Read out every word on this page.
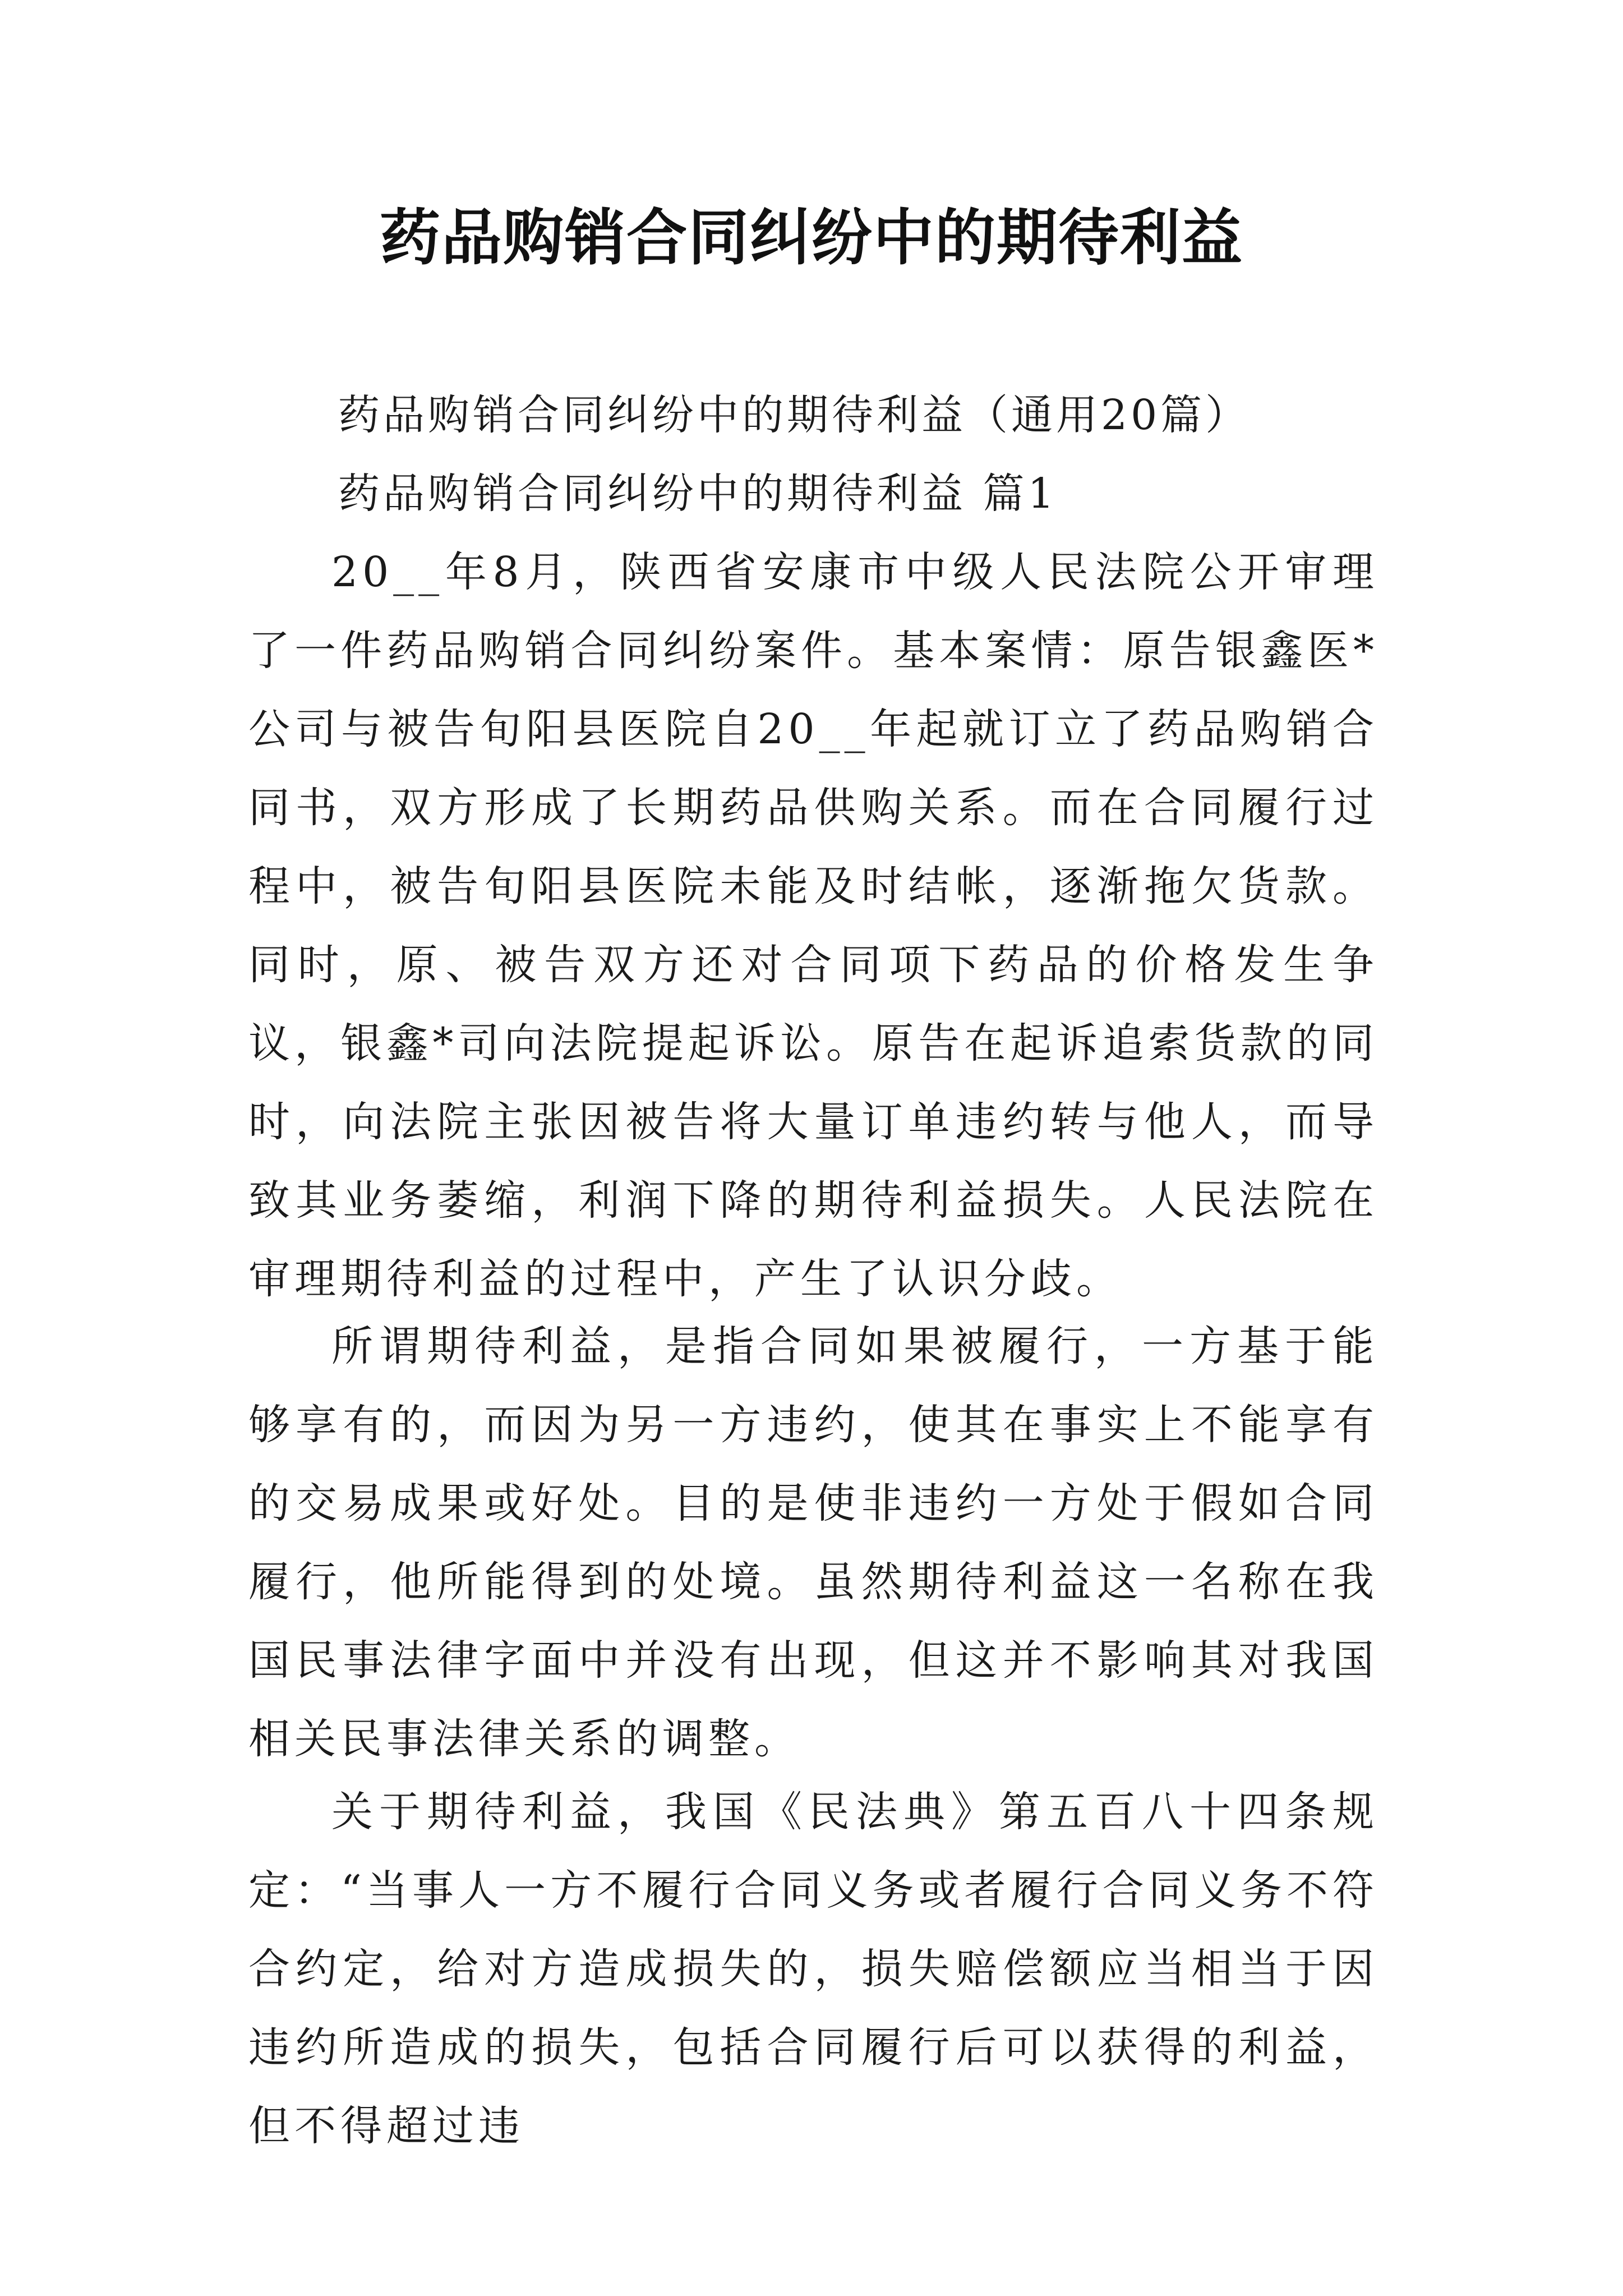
药品购销合同纠纷中的期待利益

药品购销合同纠纷中的期待利益（通用20篇）

药品购销合同纠纷中的期待利益 篇1

20__年8月，陕西省安康市中级人民法院公开审理了一件药品购销合同纠纷案件。基本案情：原告银鑫医*公司与被告旬阳县医院自20__年起就订立了药品购销合同书，双方形成了长期药品供购关系。而在合同履行过程中，被告旬阳县医院未能及时结帐，逐渐拖欠货款。同时，原、被告双方还对合同项下药品的价格发生争议，银鑫*司向法院提起诉讼。原告在起诉追索货款的同时，向法院主张因被告将大量订单违约转与他人，而导致其业务萎缩，利润下降的期待利益损失。人民法院在审理期待利益的过程中，产生了认识分歧。

所谓期待利益，是指合同如果被履行，一方基于能够享有的，而因为另一方违约，使其在事实上不能享有的交易成果或好处。目的是使非违约一方处于假如合同履行，他所能得到的处境。虽然期待利益这一名称在我国民事法律字面中并没有出现，但这并不影响其对我国相关民事法律关系的调整。

关于期待利益，我国《民法典》第五百八十四条规定：“当事人一方不履行合同义务或者履行合同义务不符合约定，给对方造成损失的，损失赔偿额应当相当于因违约所造成的损失，包括合同履行后可以获得的利益，但不得超过违
